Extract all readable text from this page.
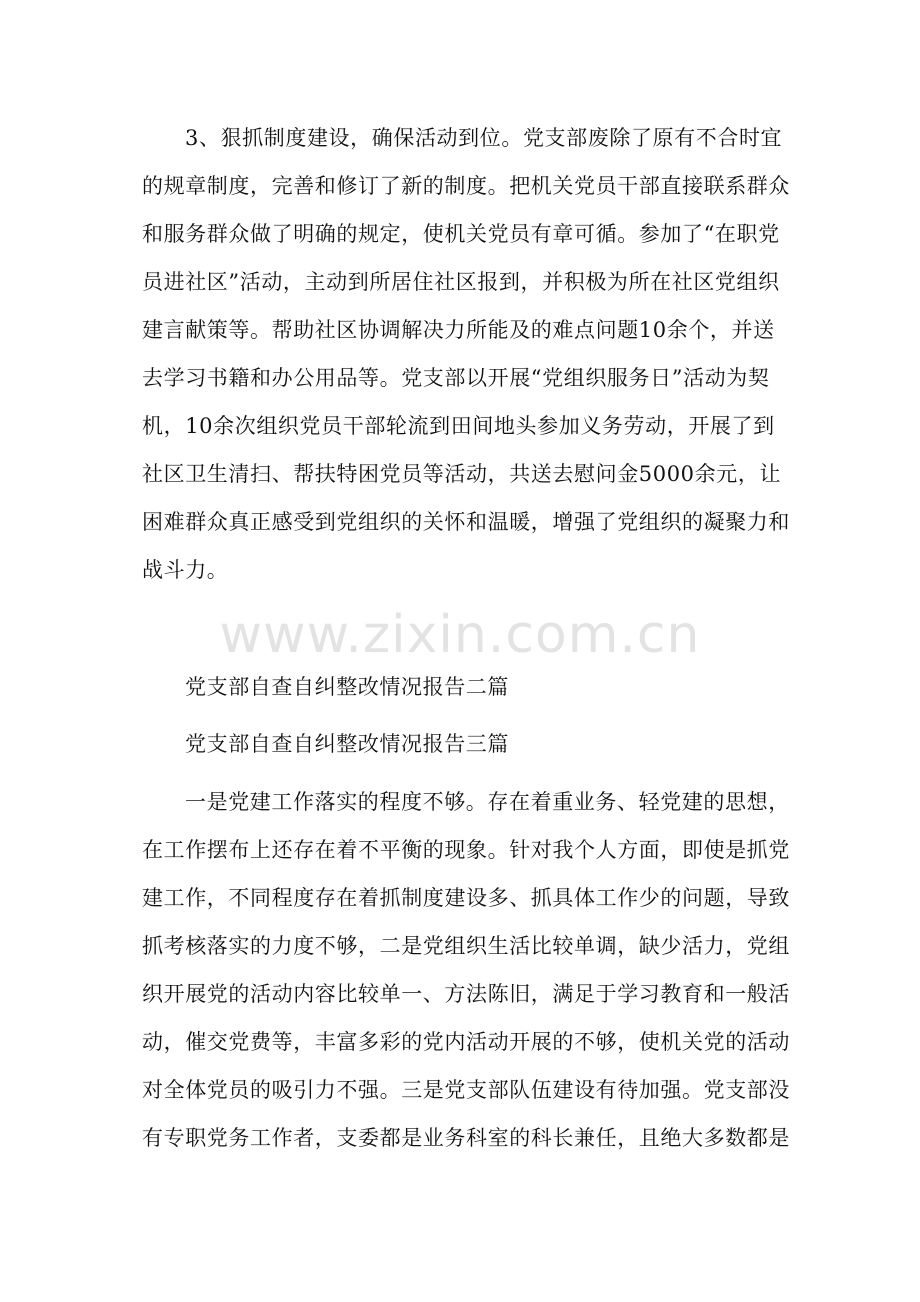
3、狠抓制度建设，确保活动到位。党支部废除了原有不合时宜
的规章制度，完善和修订了新的制度。把机关党员干部直接联系群众
和服务群众做了明确的规定，使机关党员有章可循。参加了“在职党
员进社区”活动，主动到所居住社区报到，并积极为所在社区党组织
建言献策等。帮助社区协调解决力所能及的难点问题10余个，并送
去学习书籍和办公用品等。党支部以开展“党组织服务日”活动为契
机，10余次组织党员干部轮流到田间地头参加义务劳动，开展了到
社区卫生清扫、帮扶特困党员等活动，共送去慰问金5000余元，让
困难群众真正感受到党组织的关怀和温暖，增强了党组织的凝聚力和
战斗力。
www.zixin.com.cn
党支部自查自纠整改情况报告二篇
党支部自查自纠整改情况报告三篇
一是党建工作落实的程度不够。存在着重业务、轻党建的思想，
在工作摆布上还存在着不平衡的现象。针对我个人方面，即使是抓党
建工作，不同程度存在着抓制度建设多、抓具体工作少的问题，导致
抓考核落实的力度不够，二是党组织生活比较单调，缺少活力，党组
织开展党的活动内容比较单一、方法陈旧，满足于学习教育和一般活
动，催交党费等，丰富多彩的党内活动开展的不够，使机关党的活动
对全体党员的吸引力不强。三是党支部队伍建设有待加强。党支部没
有专职党务工作者，支委都是业务科室的科长兼任，且绝大多数都是
